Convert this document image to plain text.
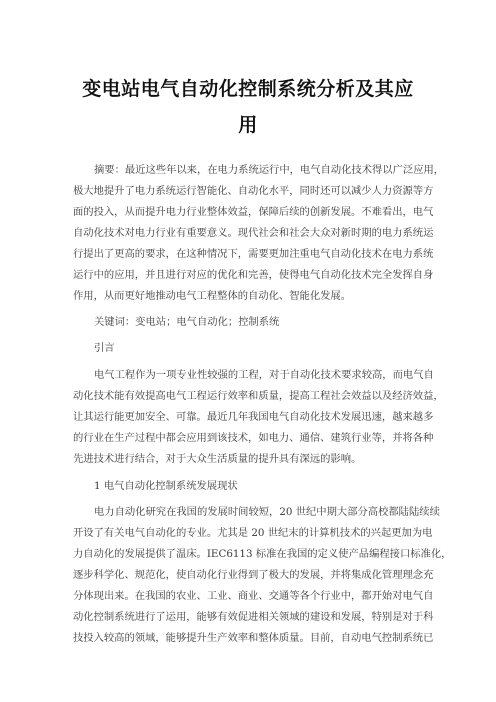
变电站电气自动化控制系统分析及其应
用
摘要：最近这些年以来，在电力系统运行中，电气自动化技术得以广泛应用，
极大地提升了电力系统运行智能化、自动化水平，同时还可以减少人力资源等方
面的投入，从而提升电力行业整体效益，保障后续的创新发展。不难看出，电气
自动化技术对电力行业有重要意义。现代社会和社会大众对新时期的电力系统运
行提出了更高的要求，在这种情况下，需要更加注重电气自动化技术在电力系统
运行中的应用，并且进行对应的优化和完善，使得电气自动化技术完全发挥自身
作用，从而更好地推动电气工程整体的自动化、智能化发展。
关键词：变电站；电气自动化；控制系统
引言
电气工程作为一项专业性较强的工程，对于自动化技术要求较高，而电气自
动化技术能有效提高电气工程运行效率和质量，提高工程社会效益以及经济效益，
让其运行能更加安全、可靠。最近几年我国电气自动化技术发展迅速，越来越多
的行业在生产过程中都会应用到该技术，如电力、通信、建筑行业等，并将各种
先进技术进行结合，对于大众生活质量的提升具有深远的影响。
1 电气自动化控制系统发展现状
电力自动化研究在我国的发展时间较短，20 世纪中期大部分高校都陆陆续续
开设了有关电气自动化的专业。尤其是 20 世纪末的计算机技术的兴起更加为电
力自动化的发展提供了温床。IEC6113 标准在我国的定义使产品编程接口标准化，
逐步科学化、规范化，使自动化行业得到了极大的发展，并将集成化管理理念充
分体现出来。在我国的农业、工业、商业、交通等各个行业中，都开始对电气自
动化控制系统进行了运用，能够有效促进相关领域的建设和发展，特别是对于科
技投入较高的领域，能够提升生产效率和整体质量。目前，自动电气控制系统已
